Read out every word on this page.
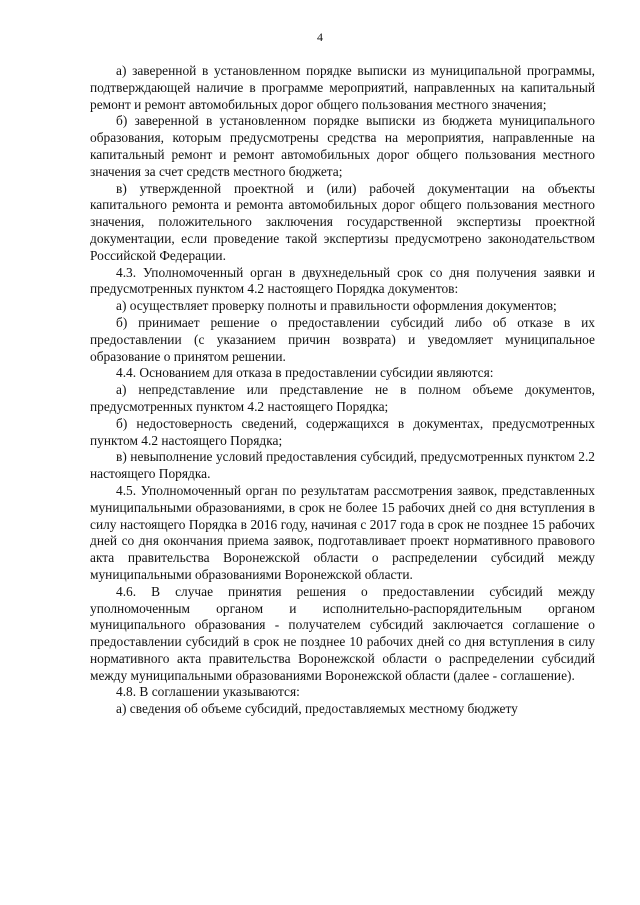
4

а) заверенной в установленном порядке выписки из муниципальной программы, подтверждающей наличие в программе мероприятий, направленных на капитальный ремонт и ремонт автомобильных дорог общего пользования местного значения;

б) заверенной в установленном порядке выписки из бюджета муниципального образования, которым предусмотрены средства на мероприятия, направленные на капитальный ремонт и ремонт автомобильных дорог общего пользования местного значения за счет средств местного бюджета;

в) утвержденной проектной и (или) рабочей документации на объекты капитального ремонта и ремонта автомобильных дорог общего пользования местного значения, положительного заключения государственной экспертизы проектной документации, если проведение такой экспертизы предусмотрено законодательством Российской Федерации.

4.3. Уполномоченный орган в двухнедельный срок со дня получения заявки и предусмотренных пунктом 4.2 настоящего Порядка документов:

а) осуществляет проверку полноты и правильности оформления документов;

б) принимает решение о предоставлении субсидий либо об отказе в их предоставлении (с указанием причин возврата) и уведомляет муниципальное образование о принятом решении.

4.4. Основанием для отказа в предоставлении субсидии являются:

а) непредставление или представление не в полном объеме документов, предусмотренных пунктом 4.2 настоящего Порядка;

б) недостоверность сведений, содержащихся в документах, предусмотренных пунктом 4.2 настоящего Порядка;

в) невыполнение условий предоставления субсидий, предусмотренных пунктом 2.2 настоящего Порядка.

4.5. Уполномоченный орган по результатам рассмотрения заявок, представленных муниципальными образованиями, в срок не более 15 рабочих дней со дня вступления в силу настоящего Порядка в 2016 году, начиная с 2017 года в срок не позднее 15 рабочих дней со дня окончания приема заявок, подготавливает проект нормативного правового акта правительства Воронежской области о распределении субсидий между муниципальными образованиями Воронежской области.

4.6. В случае принятия решения о предоставлении субсидий между уполномоченным органом и исполнительно-распорядительным органом муниципального образования - получателем субсидий заключается соглашение о предоставлении субсидий в срок не позднее 10 рабочих дней со дня вступления в силу нормативного акта правительства Воронежской области о распределении субсидий между муниципальными образованиями Воронежской области (далее - соглашение).

4.8. В соглашении указываются:

а) сведения об объеме субсидий, предоставляемых местному бюджету
